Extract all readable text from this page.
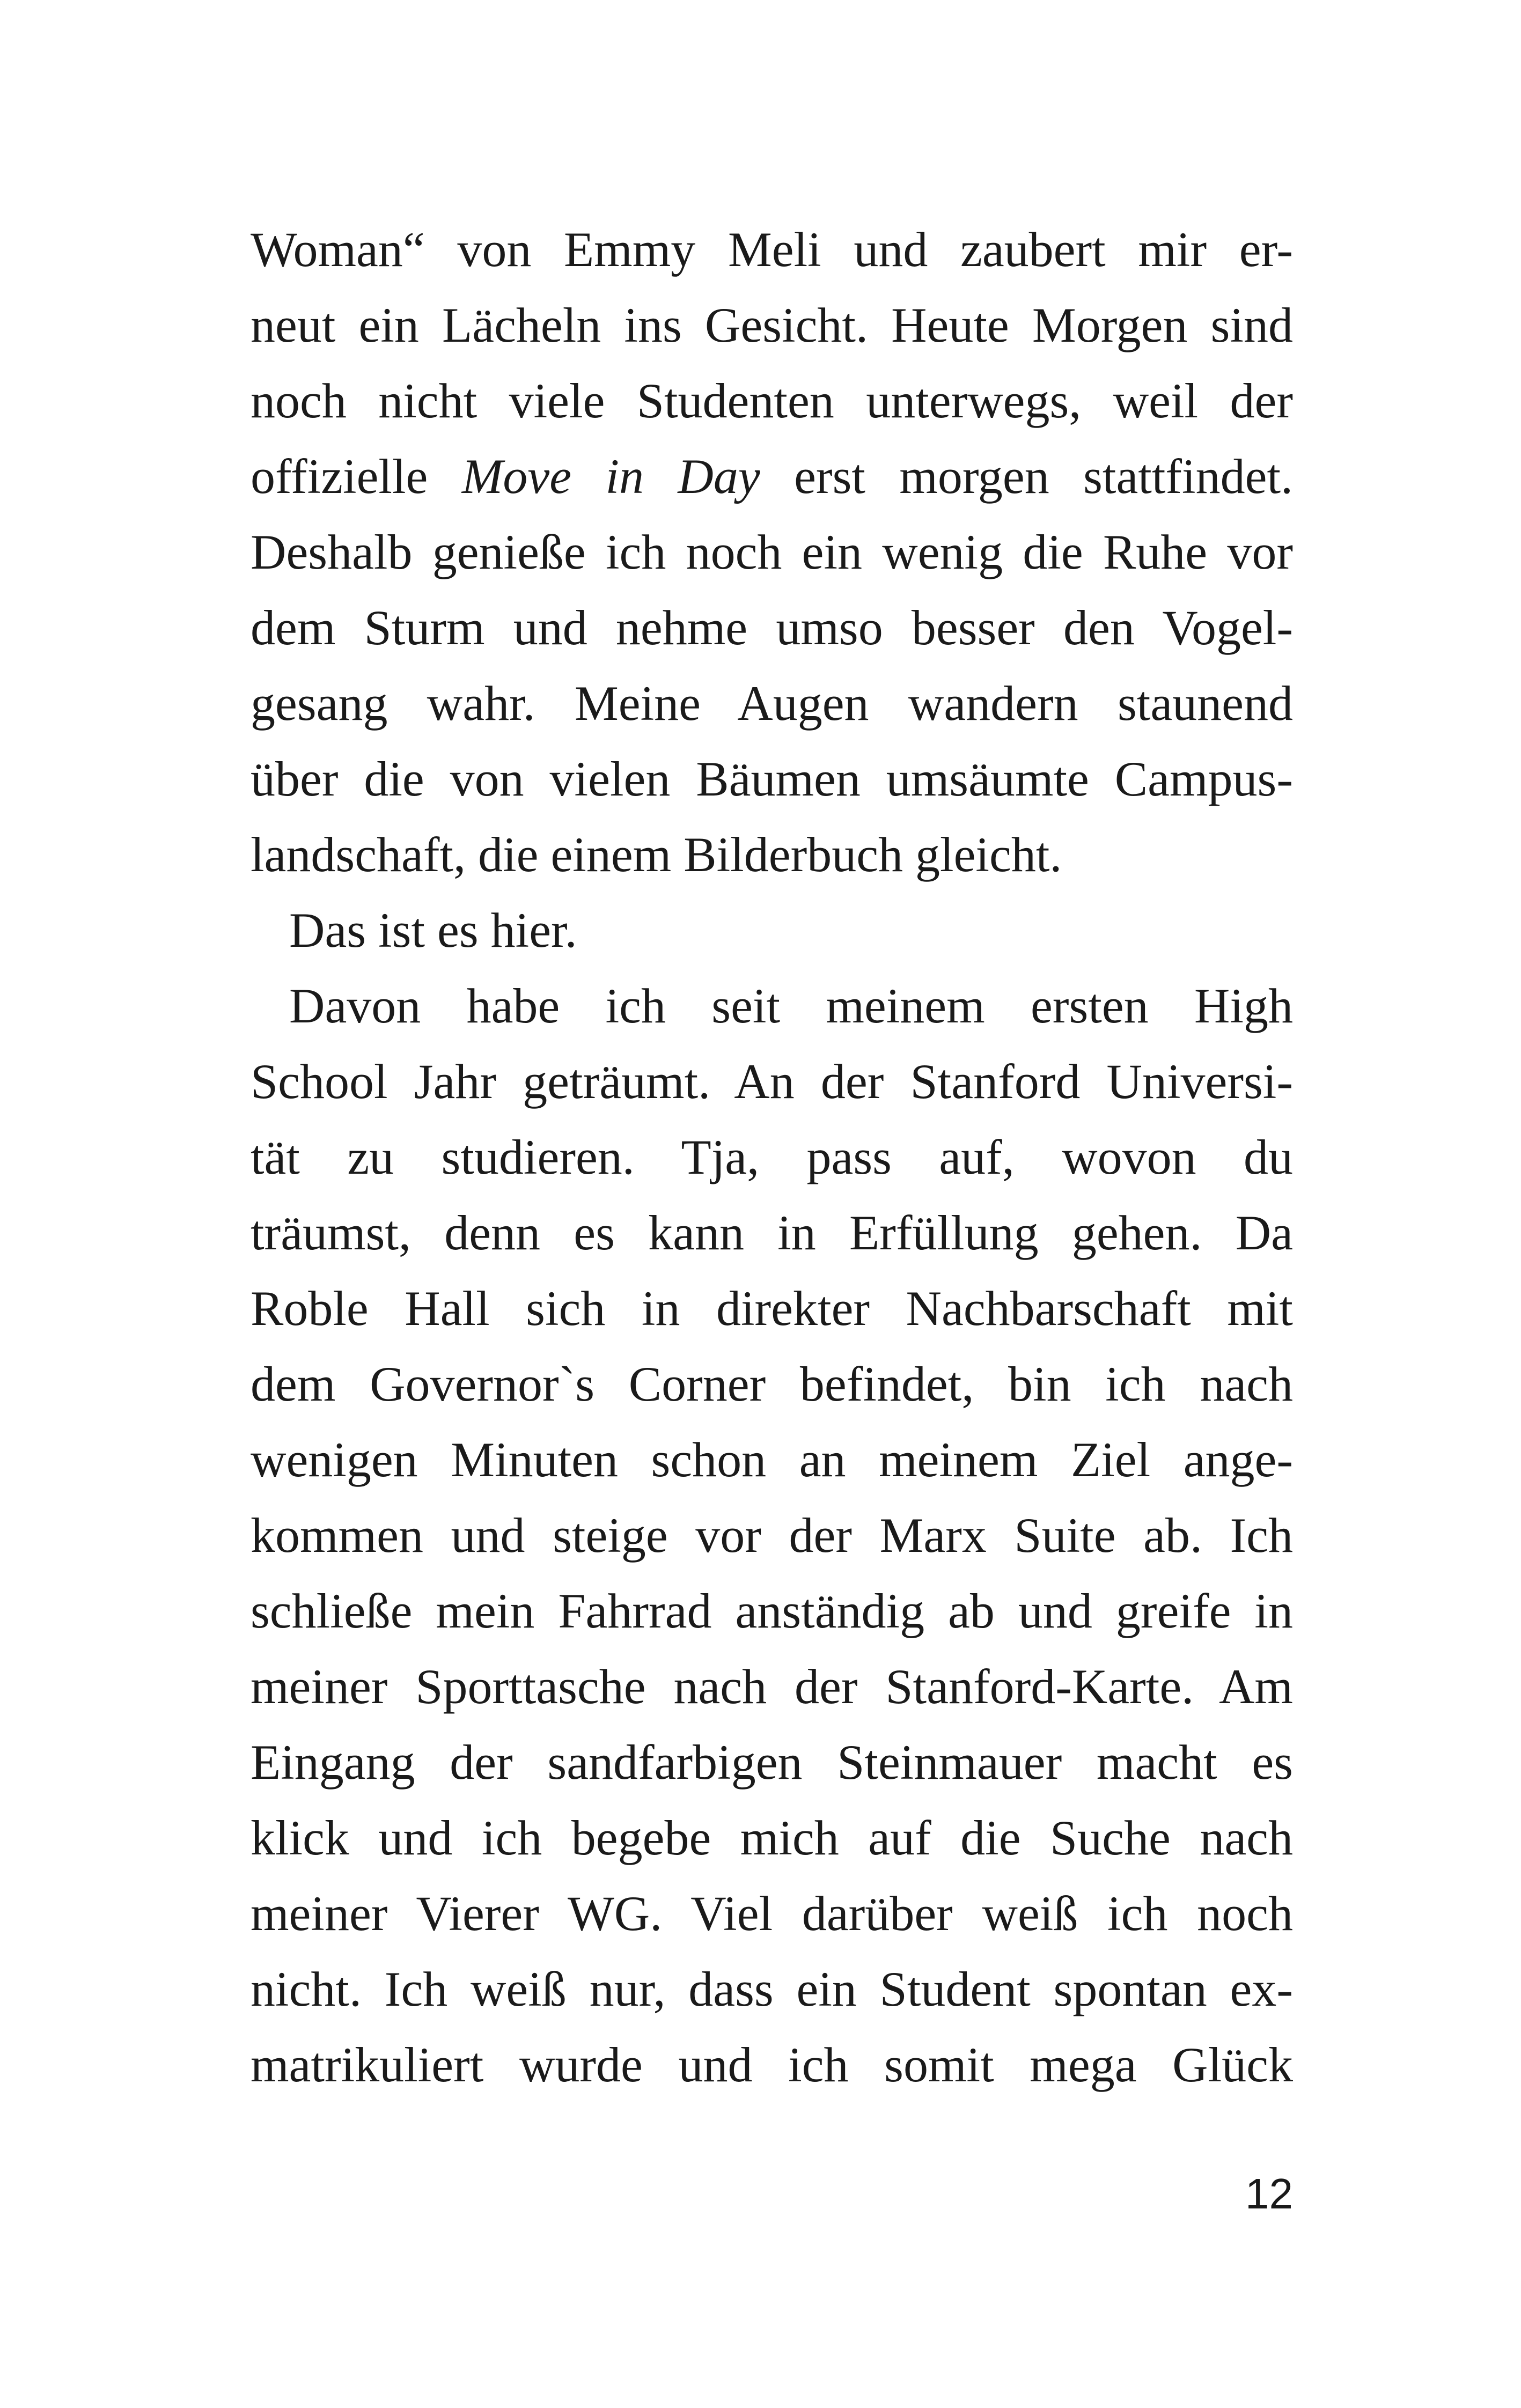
Woman“ von Emmy Meli und zaubert mir er-
neut ein Lächeln ins Gesicht. Heute Morgen sind
noch nicht viele Studenten unterwegs, weil der
offizielle Move in Day erst morgen stattfindet.
Deshalb genieße ich noch ein wenig die Ruhe vor
dem Sturm und nehme umso besser den Vogel-
gesang wahr. Meine Augen wandern staunend
über die von vielen Bäumen umsäumte Campus-
landschaft, die einem Bilderbuch gleicht.
Das ist es hier.
Davon habe ich seit meinem ersten High
School Jahr geträumt. An der Stanford Universi-
tät zu studieren. Tja, pass auf, wovon du
träumst, denn es kann in Erfüllung gehen. Da
Roble Hall sich in direkter Nachbarschaft mit
dem Governor`s Corner befindet, bin ich nach
wenigen Minuten schon an meinem Ziel ange-
kommen und steige vor der Marx Suite ab. Ich
schließe mein Fahrrad anständig ab und greife in
meiner Sporttasche nach der Stanford-Karte. Am
Eingang der sandfarbigen Steinmauer macht es
klick und ich begebe mich auf die Suche nach
meiner Vierer WG. Viel darüber weiß ich noch
nicht. Ich weiß nur, dass ein Student spontan ex-
matrikuliert wurde und ich somit mega Glück
12
